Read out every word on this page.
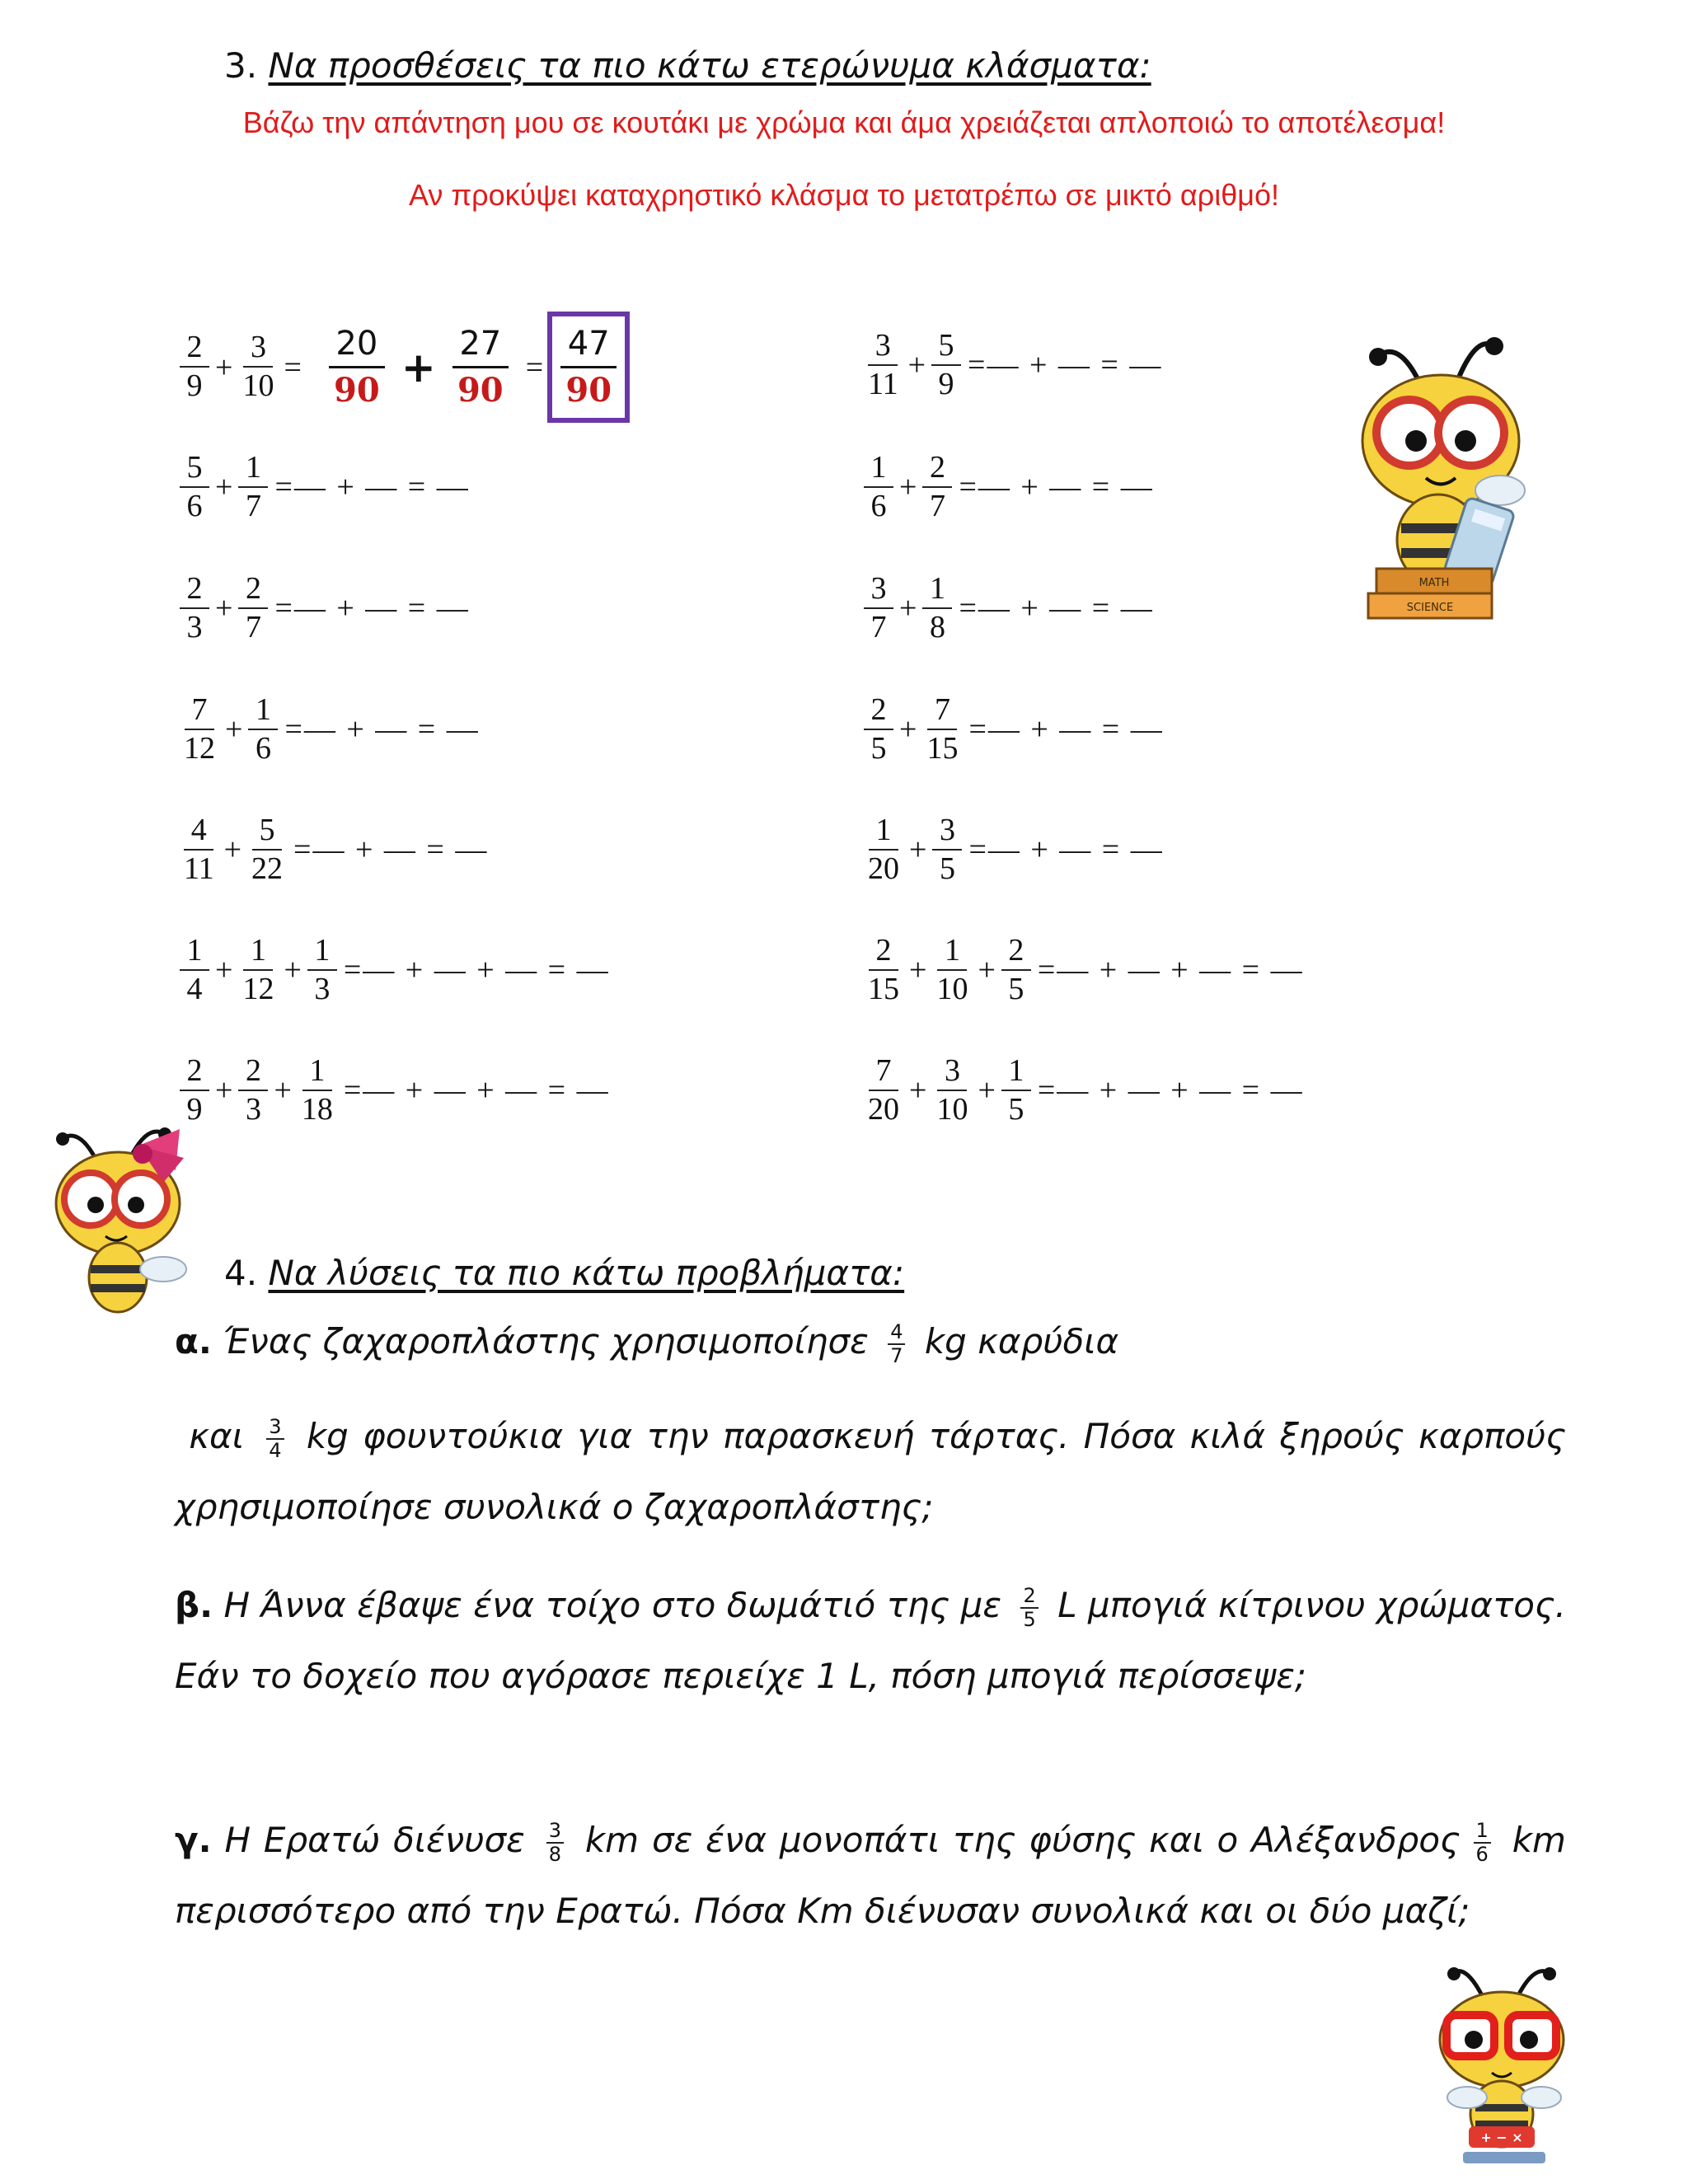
3. Να προσθέσεις τα πιο κάτω ετερώνυμα κλάσματα:
Βάζω την απάντηση μου σε κουτάκι με χρώμα και άμα χρειάζεται απλοποιώ το αποτέλεσμα!
Αν προκύψει καταχρηστικό κλάσμα το μετατρέπω σε μικτό αριθμό!
$\frac{2}{9} + \frac{3}{10}$ =
20
$90 + \frac{27}{90} = \frac{47}{90}$
$\frac{5}{6} + \frac{1}{7}$ =— + — = —
$\frac{2}{3} + \frac{2}{7}$ =— + — = —
$\frac{7}{12} + \frac{1}{6}$ =— + — = —
$\frac{4}{11} + \frac{5}{22}$ =— + — = —
$\frac{1}{4} + \frac{1}{12} + \frac{1}{3}$ =— + — + — = —
$\frac{2}{9} + \frac{2}{3} + \frac{1}{18}$ =— + — + — = —
$\frac{3}{11} + \frac{5}{9}$ =— + — = —
$\frac{1}{6} + \frac{2}{7}$ =— + — = —
$\frac{3}{7} + \frac{1}{8}$ =— + — = —
$\frac{2}{5} + \frac{7}{15}$ =— + — = —
$\frac{1}{20} + \frac{3}{5}$ =— + — = —
$\frac{2}{15} + \frac{1}{10} + \frac{2}{5}$ =— + — + — = —
$\frac{7}{20} + \frac{3}{10} + \frac{1}{5}$ =— + — + — = —
MATH
SCIENCE
+ − ×
4. Να λύσεις τα πιο κάτω προβλήματα:
α. Ένας ζαχαροπλάστης χρησιμοποίησε $\frac{4}{7}$ kg καρύδια
και $\frac{3}{4}$ kg φουντούκια για την παρασκευή τάρτας. Πόσα κιλά ξηρούς καρπούς χρησιμοποίησε συνολικά ο ζαχαροπλάστης;
β. Η Άννα έβαψε ένα τοίχο στο δωμάτιό της με $\frac{2}{5}$ L μπογιά κίτρινου χρώματος. Εάν το δοχείο που αγόρασε περιείχε 1 L, πόση μπογιά περίσσεψε;
γ. Η Ερατώ διένυσε $\frac{3}{8}$ km σε ένα μονοπάτι της φύσης και ο Αλέξανδρος $\frac{1}{6}$ km περισσότερο από την Ερατώ. Πόσα Km διένυσαν συνολικά και οι δύο μαζί;
